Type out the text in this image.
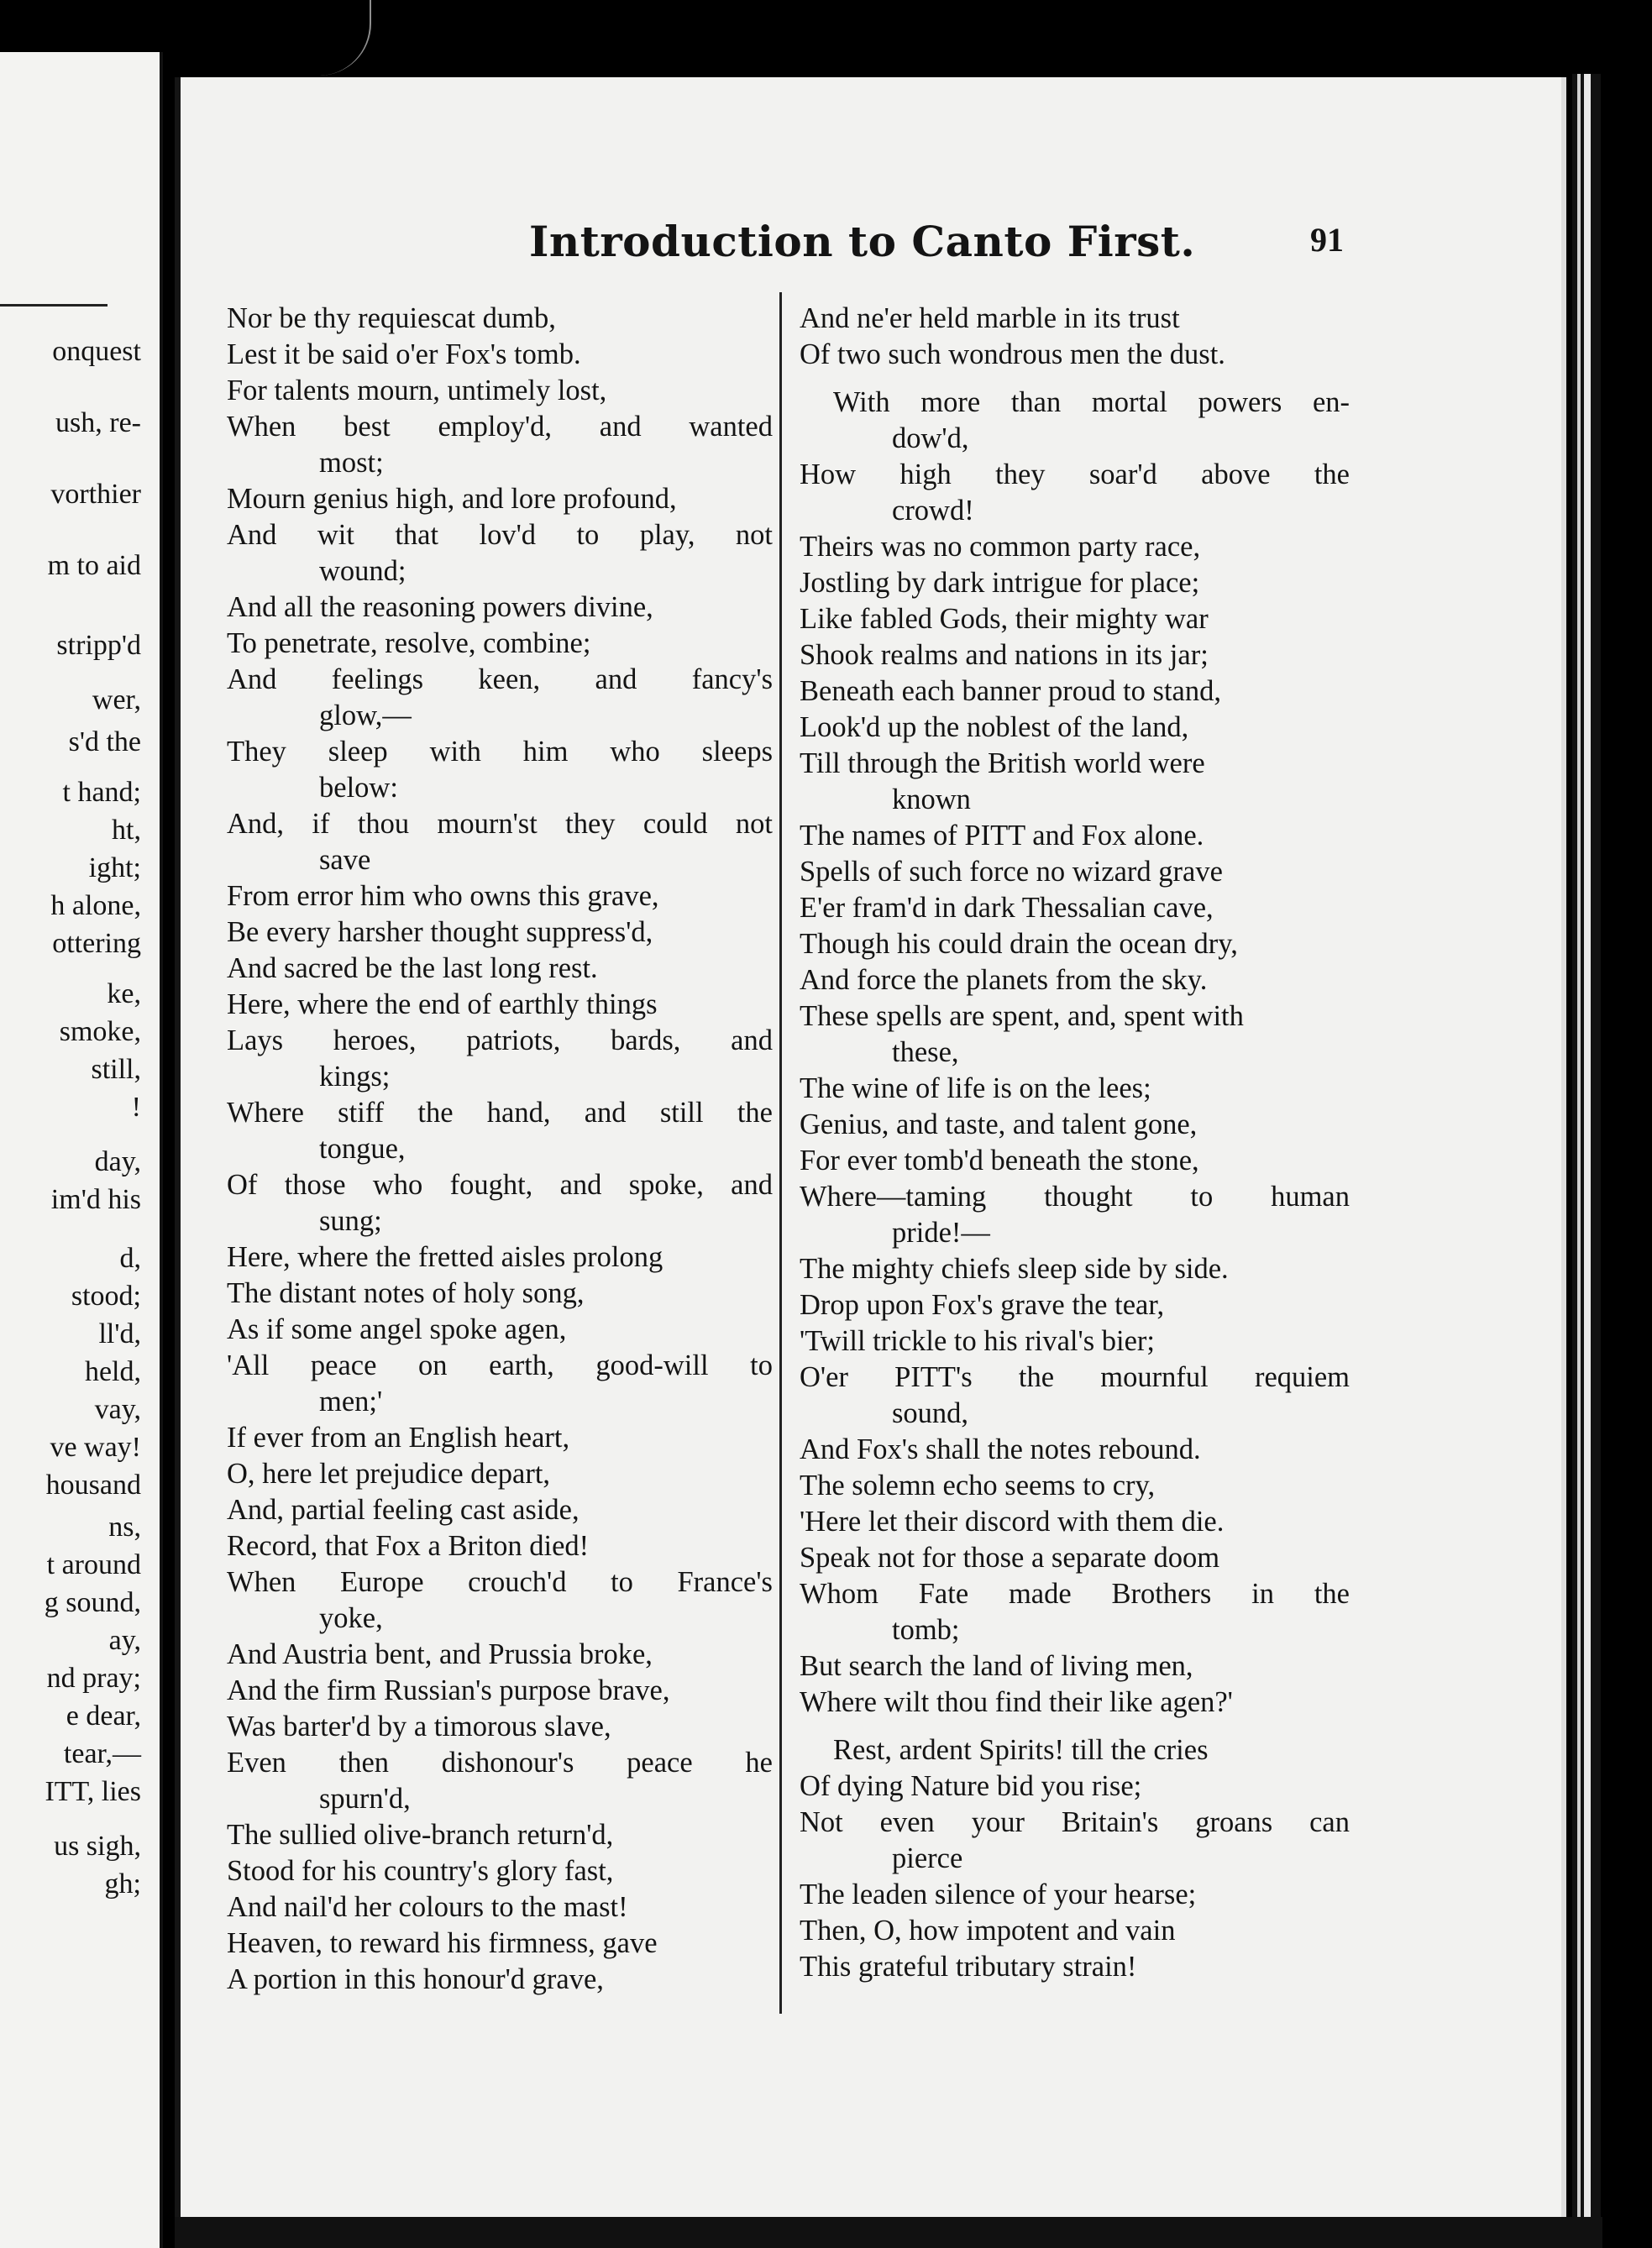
onquest
ush, re-
vorthier
m to aid
stripp'd
wer,
s'd the
t hand;
ht,
ight;
h alone,
ottering
ke,
smoke,
still,
!
day,
im'd his
d,
stood;
ll'd,
held,
vay,
ve way!
housand
ns,
t around
g sound,
ay,
nd pray;
e dear,
tear,—
ITT, lies
us sigh,
gh;
Introduction to Canto First.	91
Nor be thy requiescat dumb,
Lest it be said o'er Fox's tomb.
For talents mourn, untimely lost,
When best employ'd, and wanted
most;
Mourn genius high, and lore profound,
And wit that lov'd to play, not
wound;
And all the reasoning powers divine,
To penetrate, resolve, combine;
And feelings keen, and fancy's
glow,—
They sleep with him who sleeps
below:
And, if thou mourn'st they could not
save
From error him who owns this grave,
Be every harsher thought suppress'd,
And sacred be the last long rest.
Here, where the end of earthly things
Lays heroes, patriots, bards, and
kings;
Where stiff the hand, and still the
tongue,
Of those who fought, and spoke, and
sung;
Here, where the fretted aisles prolong
The distant notes of holy song,
As if some angel spoke agen,
'All peace on earth, good-will to
men;'
If ever from an English heart,
O, here let prejudice depart,
And, partial feeling cast aside,
Record, that Fox a Briton died!
When Europe crouch'd to France's
yoke,
And Austria bent, and Prussia broke,
And the firm Russian's purpose brave,
Was barter'd by a timorous slave,
Even then dishonour's peace he
spurn'd,
The sullied olive-branch return'd,
Stood for his country's glory fast,
And nail'd her colours to the mast!
Heaven, to reward his firmness, gave
A portion in this honour'd grave,
And ne'er held marble in its trust
Of two such wondrous men the dust.
With more than mortal powers en-
dow'd,
How high they soar'd above the
crowd!
Theirs was no common party race,
Jostling by dark intrigue for place;
Like fabled Gods, their mighty war
Shook realms and nations in its jar;
Beneath each banner proud to stand,
Look'd up the noblest of the land,
Till through the British world were
known
The names of PITT and Fox alone.
Spells of such force no wizard grave
E'er fram'd in dark Thessalian cave,
Though his could drain the ocean dry,
And force the planets from the sky.
These spells are spent, and, spent with
these,
The wine of life is on the lees;
Genius, and taste, and talent gone,
For ever tomb'd beneath the stone,
Where—taming thought to human
pride!—
The mighty chiefs sleep side by side.
Drop upon Fox's grave the tear,
'Twill trickle to his rival's bier;
O'er PITT's the mournful requiem
sound,
And Fox's shall the notes rebound.
The solemn echo seems to cry,
'Here let their discord with them die.
Speak not for those a separate doom
Whom Fate made Brothers in the
tomb;
But search the land of living men,
Where wilt thou find their like agen?'
Rest, ardent Spirits! till the cries
Of dying Nature bid you rise;
Not even your Britain's groans can
pierce
The leaden silence of your hearse;
Then, O, how impotent and vain
This grateful tributary strain!
